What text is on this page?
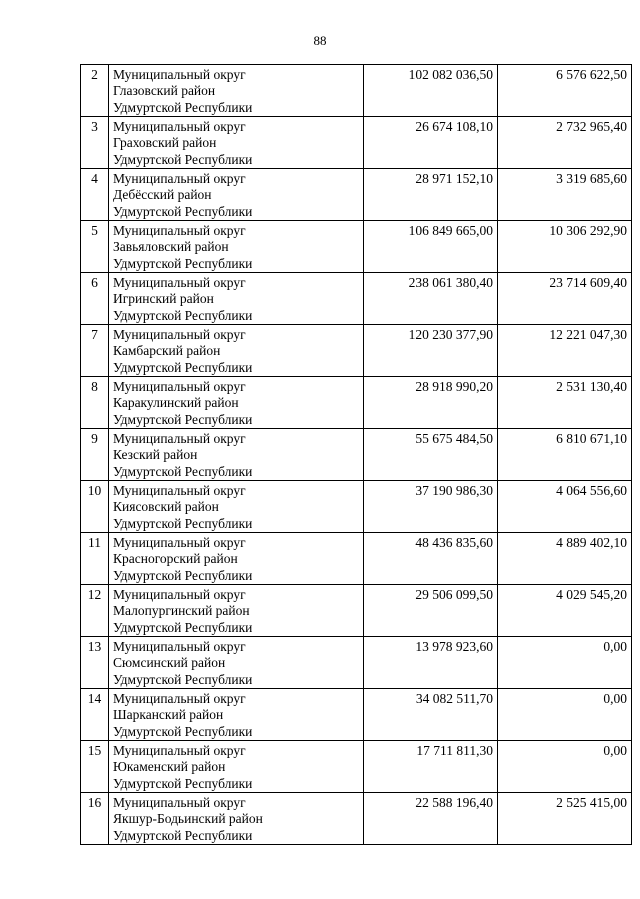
88
2	Муниципальный округ
Глазовский район
Удмуртской Республики	102 082 036,50	6 576 622,50
3	Муниципальный округ
Граховский район
Удмуртской Республики	26 674 108,10	2 732 965,40
4	Муниципальный округ
Дебёсский район
Удмуртской Республики	28 971 152,10	3 319 685,60
5	Муниципальный округ
Завьяловский район
Удмуртской Республики	106 849 665,00	10 306 292,90
6	Муниципальный округ
Игринский район
Удмуртской Республики	238 061 380,40	23 714 609,40
7	Муниципальный округ
Камбарский район
Удмуртской Республики	120 230 377,90	12 221 047,30
8	Муниципальный округ
Каракулинский район
Удмуртской Республики	28 918 990,20	2 531 130,40
9	Муниципальный округ
Кезский район
Удмуртской Республики	55 675 484,50	6 810 671,10
10	Муниципальный округ
Киясовский район
Удмуртской Республики	37 190 986,30	4 064 556,60
11	Муниципальный округ
Красногорский район
Удмуртской Республики	48 436 835,60	4 889 402,10
12	Муниципальный округ
Малопургинский район
Удмуртской Республики	29 506 099,50	4 029 545,20
13	Муниципальный округ
Сюмсинский район
Удмуртской Республики	13 978 923,60	0,00
14	Муниципальный округ
Шарканский район
Удмуртской Республики	34 082 511,70	0,00
15	Муниципальный округ
Юкаменский район
Удмуртской Республики	17 711 811,30	0,00
16	Муниципальный округ
Якшур-Бодьинский район
Удмуртской Республики	22 588 196,40	2 525 415,00
